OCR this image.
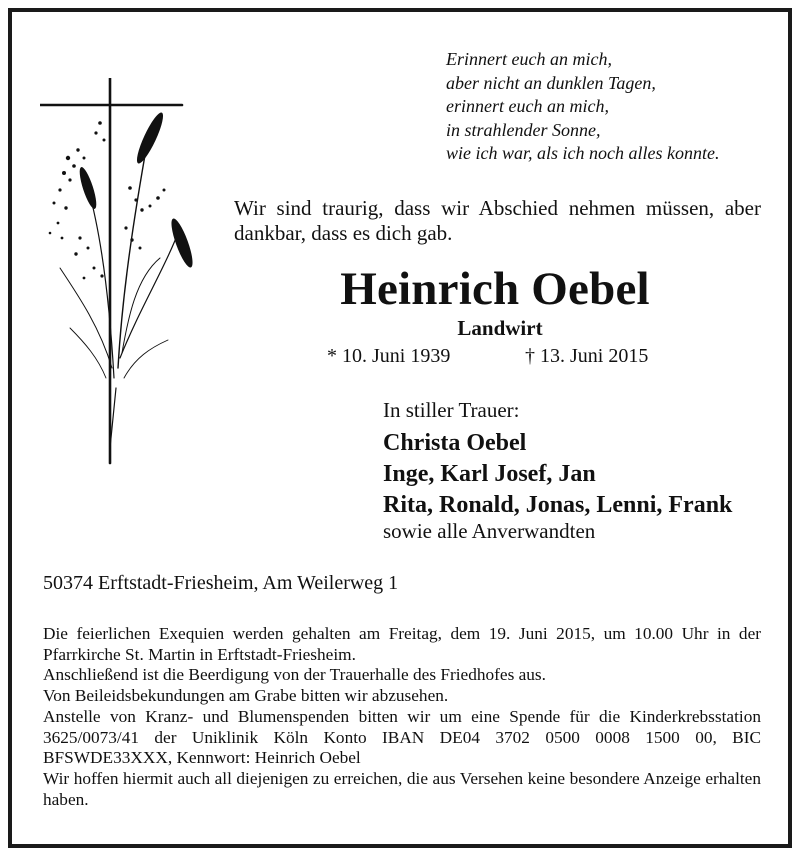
Erinnert euch an mich,
aber nicht an dunklen Tagen,
erinnert euch an mich,
in strahlender Sonne,
wie ich war, als ich noch alles konnte.
Wir sind traurig, dass wir Abschied nehmen müssen, aber dankbar, dass es dich gab.
Heinrich Oebel
Landwirt
* 10. Juni 1939	† 13. Juni 2015
In stiller Trauer:
Christa Oebel
Inge, Karl Josef, Jan
Rita, Ronald, Jonas, Lenni, Frank
sowie alle Anverwandten
50374 Erftstadt-Friesheim, Am Weilerweg 1
Die feierlichen Exequien werden gehalten am Freitag, dem 19. Juni 2015, um 10.00 Uhr in der Pfarrkirche St. Martin in Erftstadt-Friesheim.
Anschließend ist die Beerdigung von der Trauerhalle des Friedhofes aus.
Von Beileidsbekundungen am Grabe bitten wir abzusehen.
Anstelle von Kranz- und Blumenspenden bitten wir um eine Spende für die Kinderkrebsstation 3625/0073/41 der Uniklinik Köln Konto IBAN DE04 3702 0500 0008 1500 00, BIC BFSWDE33XXX, Kennwort: Heinrich Oebel
Wir hoffen hiermit auch all diejenigen zu erreichen, die aus Versehen keine besondere Anzeige erhalten haben.
